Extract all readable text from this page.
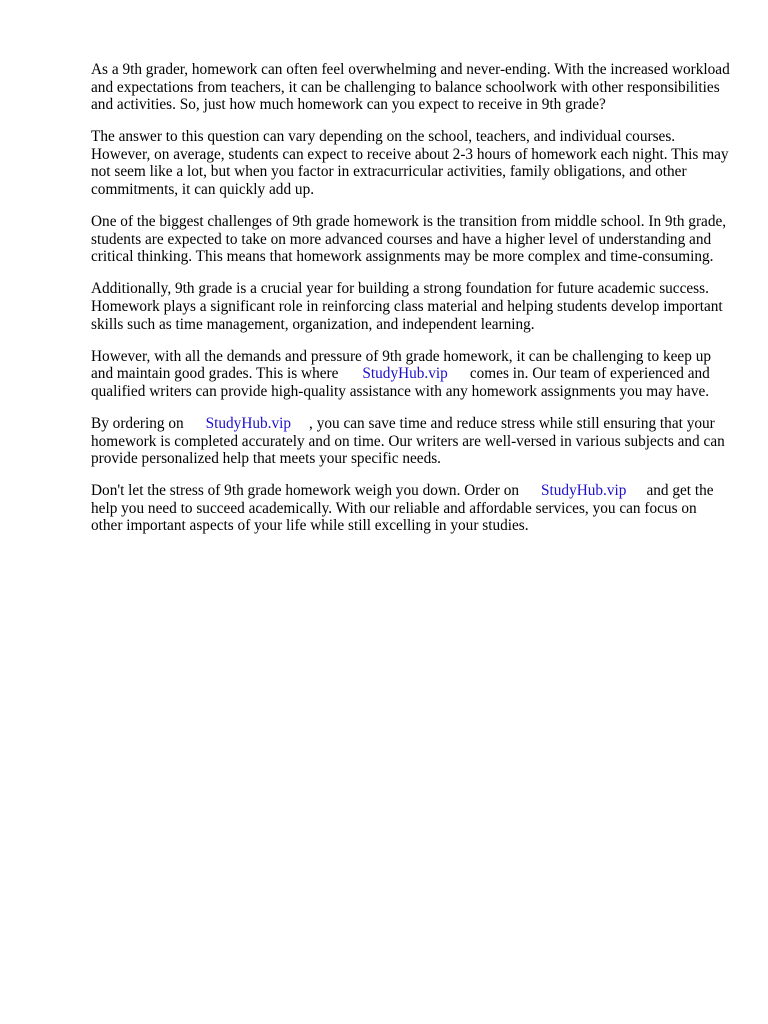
As a 9th grader, homework can often feel overwhelming and never-ending. With the increased workload and expectations from teachers, it can be challenging to balance schoolwork with other responsibilities and activities. So, just how much homework can you expect to receive in 9th grade?

The answer to this question can vary depending on the school, teachers, and individual courses. However, on average, students can expect to receive about 2-3 hours of homework each night. This may not seem like a lot, but when you factor in extracurricular activities, family obligations, and other commitments, it can quickly add up.

One of the biggest challenges of 9th grade homework is the transition from middle school. In 9th grade, students are expected to take on more advanced courses and have a higher level of understanding and critical thinking. This means that homework assignments may be more complex and time-consuming.

Additionally, 9th grade is a crucial year for building a strong foundation for future academic success. Homework plays a significant role in reinforcing class material and helping students develop important skills such as time management, organization, and independent learning.

However, with all the demands and pressure of 9th grade homework, it can be challenging to keep up and maintain good grades. This is where StudyHub.vip comes in. Our team of experienced and qualified writers can provide high-quality assistance with any homework assignments you may have.

By ordering on StudyHub.vip , you can save time and reduce stress while still ensuring that your homework is completed accurately and on time. Our writers are well-versed in various subjects and can provide personalized help that meets your specific needs.

Don't let the stress of 9th grade homework weigh you down. Order on StudyHub.vip and get the help you need to succeed academically. With our reliable and affordable services, you can focus on other important aspects of your life while still excelling in your studies.
